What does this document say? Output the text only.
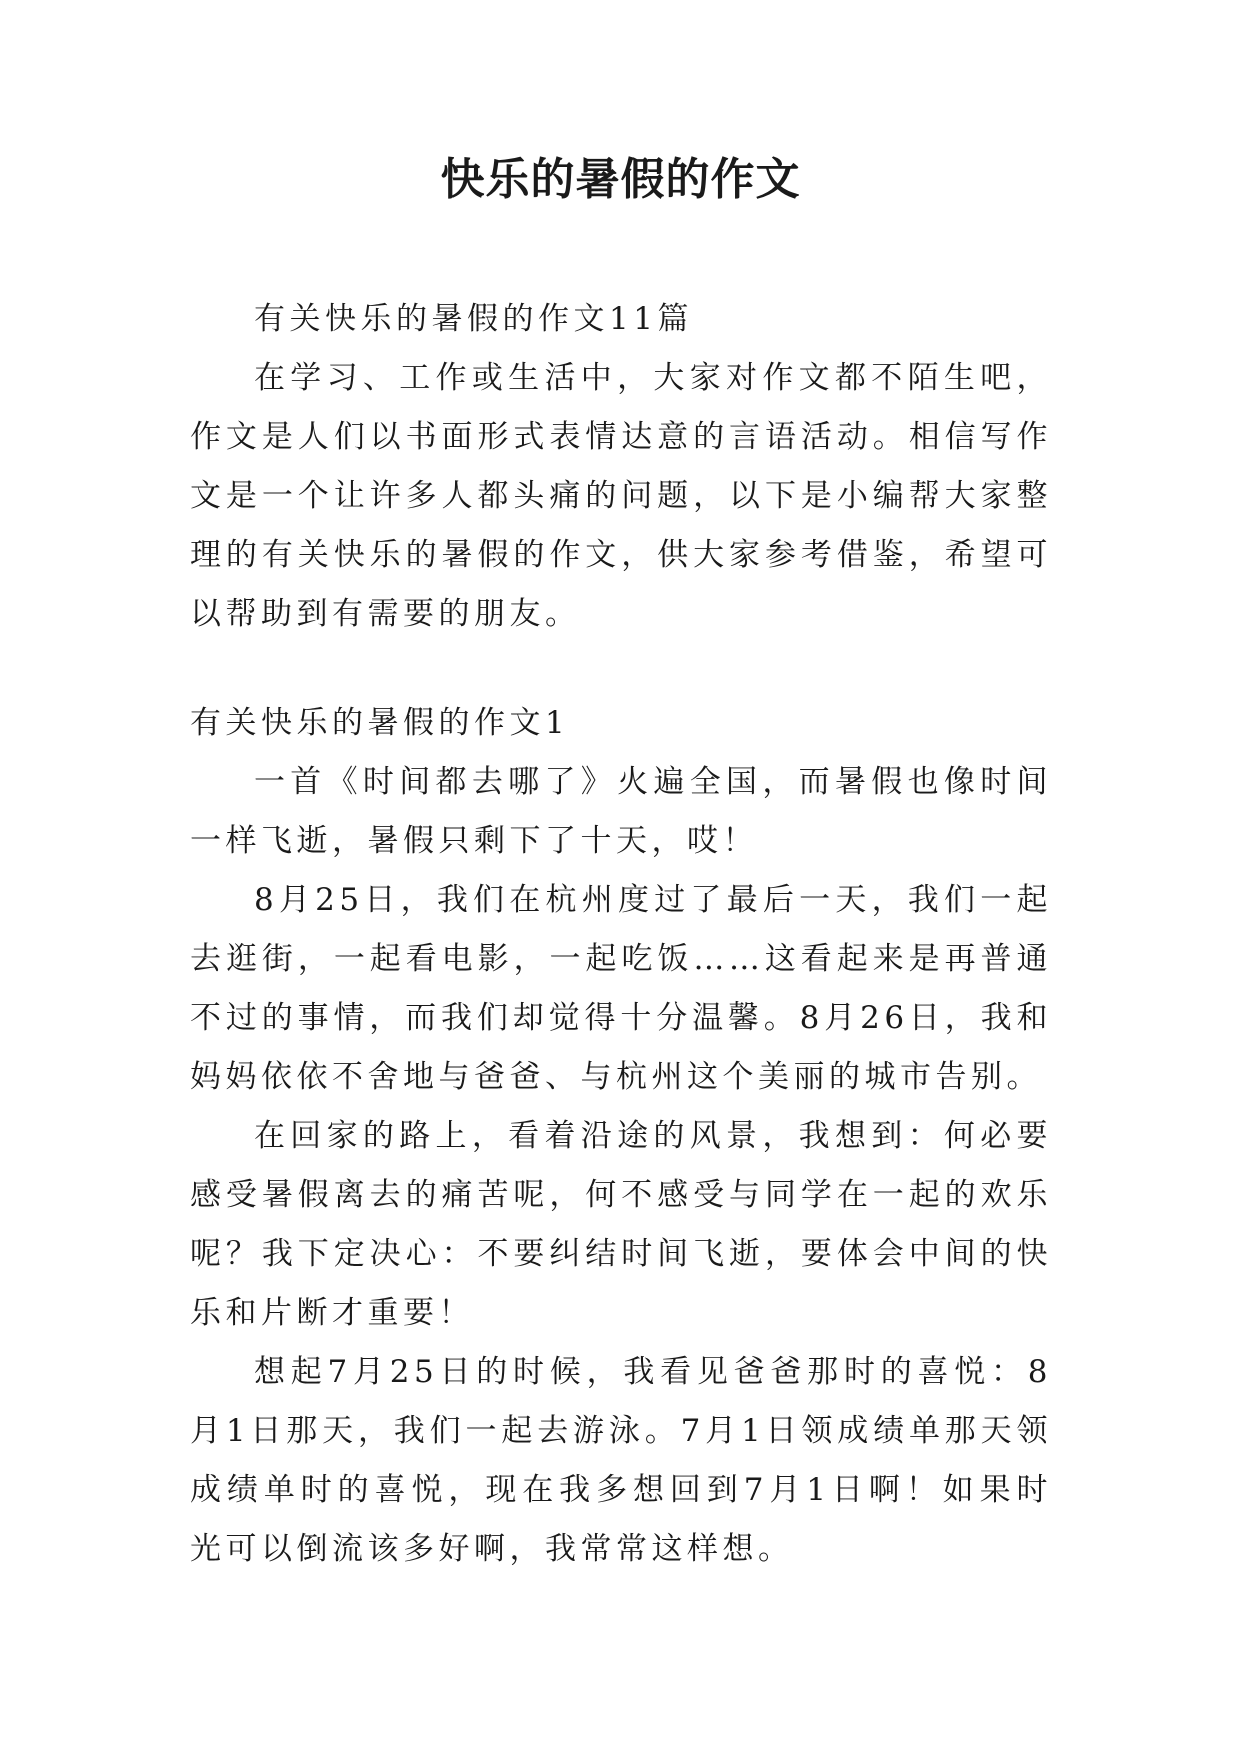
快乐的暑假的作文

有关快乐的暑假的作文11篇

在学习、工作或生活中，大家对作文都不陌生吧，作文是人们以书面形式表情达意的言语活动。相信写作文是一个让许多人都头痛的问题，以下是小编帮大家整理的有关快乐的暑假的作文，供大家参考借鉴，希望可以帮助到有需要的朋友。

有关快乐的暑假的作文1

一首《时间都去哪了》火遍全国，而暑假也像时间一样飞逝，暑假只剩下了十天，哎！

8月25日，我们在杭州度过了最后一天，我们一起去逛街，一起看电影，一起吃饭……这看起来是再普通不过的事情，而我们却觉得十分温馨。8月26日，我和妈妈依依不舍地与爸爸、与杭州这个美丽的城市告别。

在回家的路上，看着沿途的风景，我想到：何必要感受暑假离去的痛苦呢，何不感受与同学在一起的欢乐呢？我下定决心：不要纠结时间飞逝，要体会中间的快乐和片断才重要！

想起7月25日的时候，我看见爸爸那时的喜悦：8月1日那天，我们一起去游泳。7月1日领成绩单那天领成绩单时的喜悦，现在我多想回到7月1日啊！如果时光可以倒流该多好啊，我常常这样想。
